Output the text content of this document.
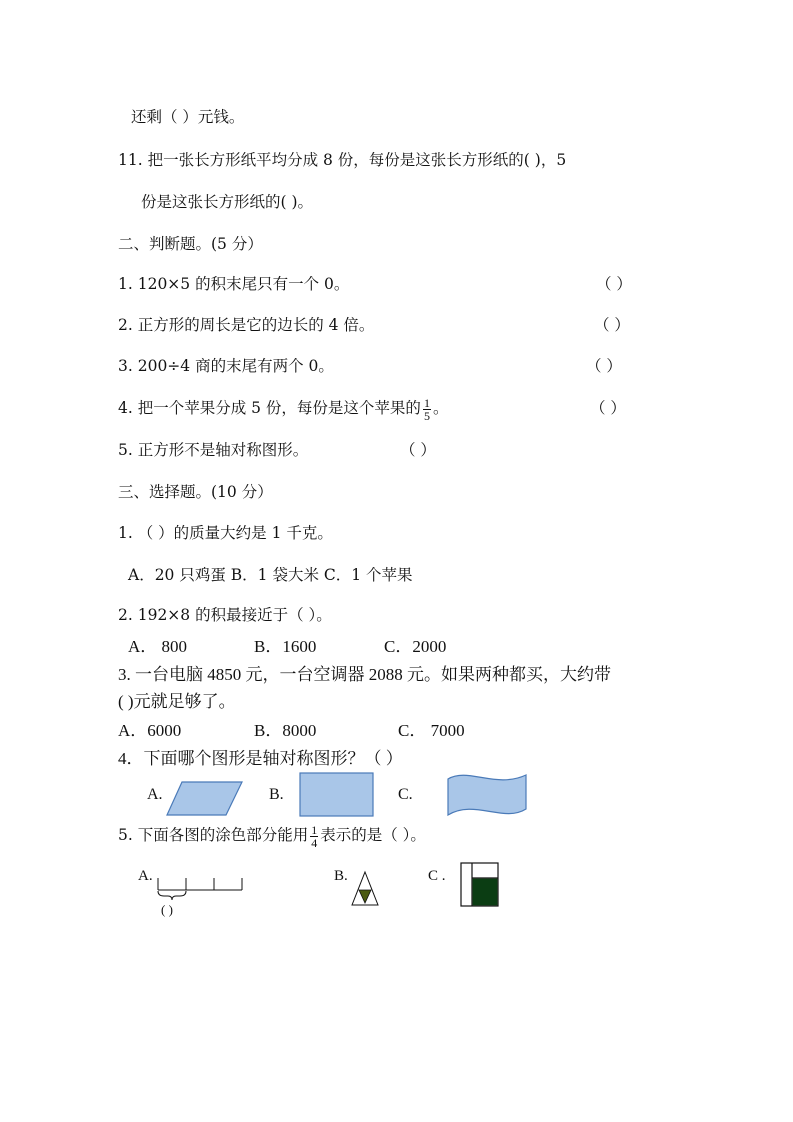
还剩（ ）元钱。
11. 把一张长方形纸平均分成 8 份，每份是这张长方形纸的( )，5
份是这张长方形纸的( )。
二、判断题。(5 分）
1. 120×5 的积末尾只有一个 0。	（ ）
2. 正方形的周长是它的边长的 4 倍。	（ ）
3. 200÷4 商的末尾有两个 0。	（ ）
4. 把一个苹果分成 5 份，每份是这个苹果的 $\frac{1}{5}$ 。	（ ）
5. 正方形不是轴对称图形。	（ ）
三、选择题。(10 分）
1. （ ）的质量大约是 1 千克。
A．20 只鸡蛋 B．1 袋大米 C．1 个苹果
2. 192×8 的积最接近于（ ）。
A． 800	B．1600	C．2000
3. 一台电脑 4850 元，一台空调器 2088 元。如果两种都买，大约带
( )元就足够了。
A．6000	B．8000	C． 7000
4．下面哪个图形是轴对称图形？（ ）
A.	B.	C.
5. 下面各图的涂色部分能用 $\frac{1}{4}$ 表示的是（ ）。
A.
( )
B.	C .
